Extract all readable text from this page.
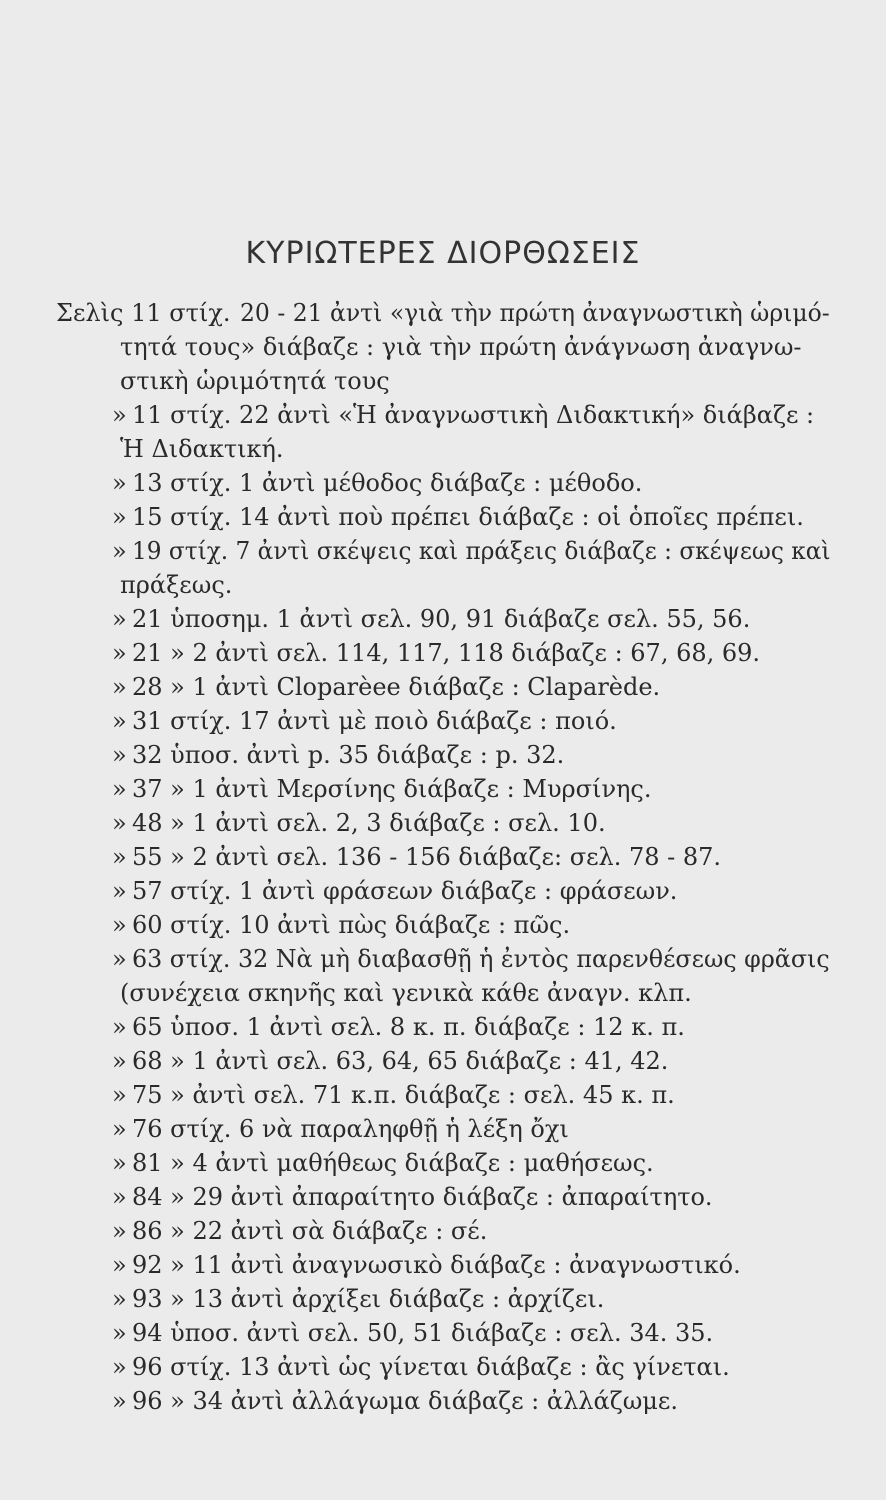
ΚΥΡΙΩΤΕΡΕΣ ΔΙΟΡΘΩΣΕΙΣ
Σελὶς 11 στίχ. 20 - 21 ἀντὶ «γιὰ τὴν πρώτη ἀναγνωστικὴ ὡριμό-
τητά τους» διάβαζε : γιὰ τὴν πρώτη ἀνάγνωση ἀναγνω-
στικὴ ὡριμότητά τους
» 11 στίχ. 22 ἀντὶ «Ἡ ἀναγνωστικὴ Διδακτική» διάβαζε :
Ἡ Διδακτική.
» 13 στίχ. 1 ἀντὶ μέθοδος διάβαζε : μέθοδο.
» 15 στίχ. 14 ἀντὶ ποὺ πρέπει διάβαζε : οἱ ὁποῖες πρέπει.
» 19 στίχ. 7 ἀντὶ σκέψεις καὶ πράξεις διάβαζε : σκέψεως καὶ
πράξεως.
» 21 ὑποσημ. 1 ἀντὶ σελ. 90, 91 διάβαζε σελ. 55, 56.
» 21 » 2 ἀντὶ σελ. 114, 117, 118 διάβαζε : 67, 68, 69.
» 28 » 1 ἀντὶ Cloparèee διάβαζε : Claparède.
» 31 στίχ. 17 ἀντὶ μὲ ποιὸ διάβαζε : ποιό.
» 32 ὑποσ. ἀντὶ p. 35 διάβαζε : p. 32.
» 37 » 1 ἀντὶ Μερσίνης διάβαζε : Μυρσίνης.
» 48 » 1 ἀντὶ σελ. 2, 3 διάβαζε : σελ. 10.
» 55 » 2 ἀντὶ σελ. 136 - 156 διάβαζε: σελ. 78 - 87.
» 57 στίχ. 1 ἀντὶ φράσεων διάβαζε : φράσεων.
» 60 στίχ. 10 ἀντὶ πὼς διάβαζε : πῶς.
» 63 στίχ. 32 Νὰ μὴ διαβασθῇ ἡ ἐντὸς παρενθέσεως φρᾶσις
(συνέχεια σκηνῆς καὶ γενικὰ κάθε ἀναγν. κλπ.
» 65 ὑποσ. 1 ἀντὶ σελ. 8 κ. π. διάβαζε : 12 κ. π.
» 68 » 1 ἀντὶ σελ. 63, 64, 65 διάβαζε : 41, 42.
» 75 » ἀντὶ σελ. 71 κ.π. διάβαζε : σελ. 45 κ. π.
» 76 στίχ. 6 νὰ παραληφθῇ ἡ λέξη ὄχι
» 81 » 4 ἀντὶ μαθήθεως διάβαζε : μαθήσεως.
» 84 » 29 ἀντὶ ἀπαραίτητο διάβαζε : ἀπαραίτητο.
» 86 » 22 ἀντὶ σὰ διάβαζε : σέ.
» 92 » 11 ἀντὶ ἀναγνωσικὸ διάβαζε : ἀναγνωστικό.
» 93 » 13 ἀντὶ ἀρχίξει διάβαζε : ἀρχίζει.
» 94 ὑποσ. ἀντὶ σελ. 50, 51 διάβαζε : σελ. 34. 35.
» 96 στίχ. 13 ἀντὶ ὡς γίνεται διάβαζε : ἂς γίνεται.
» 96 » 34 ἀντὶ ἀλλάγωμα διάβαζε : ἀλλάζωμε.
